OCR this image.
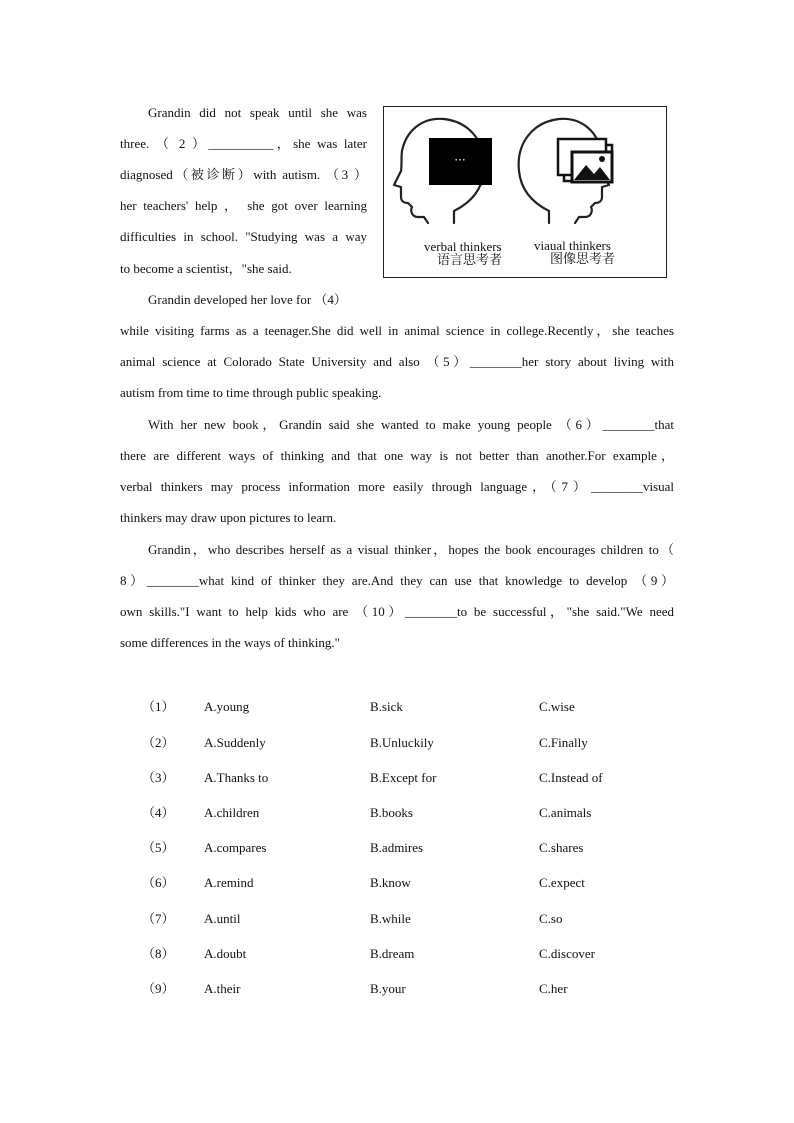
Grandin did not speak until she was
three. （ 2 ）__________，she was later
diagnosed（被诊断）with autism. （3 ）
her teachers' help ， she got over learning
difficulties in school. "Studying was a way
to become a scientist，"she said.
···
verbal thinkers
语言思考者
viaual thinkers
图像思考者
Grandin developed her love for （4）
while visiting farms as a teenager.She did well in animal science in college.Recently，she teaches
animal science at Colorado State University and also （5）________her story about living with
autism from time to time through public speaking.
With her new book，Grandin said she wanted to make young people （6）________that
there are different ways of thinking and that one way is not better than another.For example，
verbal thinkers may process information more easily through language，（7）________visual
thinkers may draw upon pictures to learn.
Grandin，who describes herself as a visual thinker，hopes the book encourages children to（
8）________what kind of thinker they are.And they can use that knowledge to develop （9）
own skills."I want to help kids who are （10）________to be successful，"she said."We need
some differences in the ways of thinking."
（1） A.young	B.sick	C.wise
（2） A.Suddenly	B.Unluckily	C.Finally
（3） A.Thanks to	B.Except for	C.Instead of
（4） A.children	B.books	C.animals
（5） A.compares	B.admires	C.shares
（6） A.remind	B.know	C.expect
（7） A.until	B.while	C.so
（8） A.doubt	B.dream	C.discover
（9） A.their	B.your	C.her
